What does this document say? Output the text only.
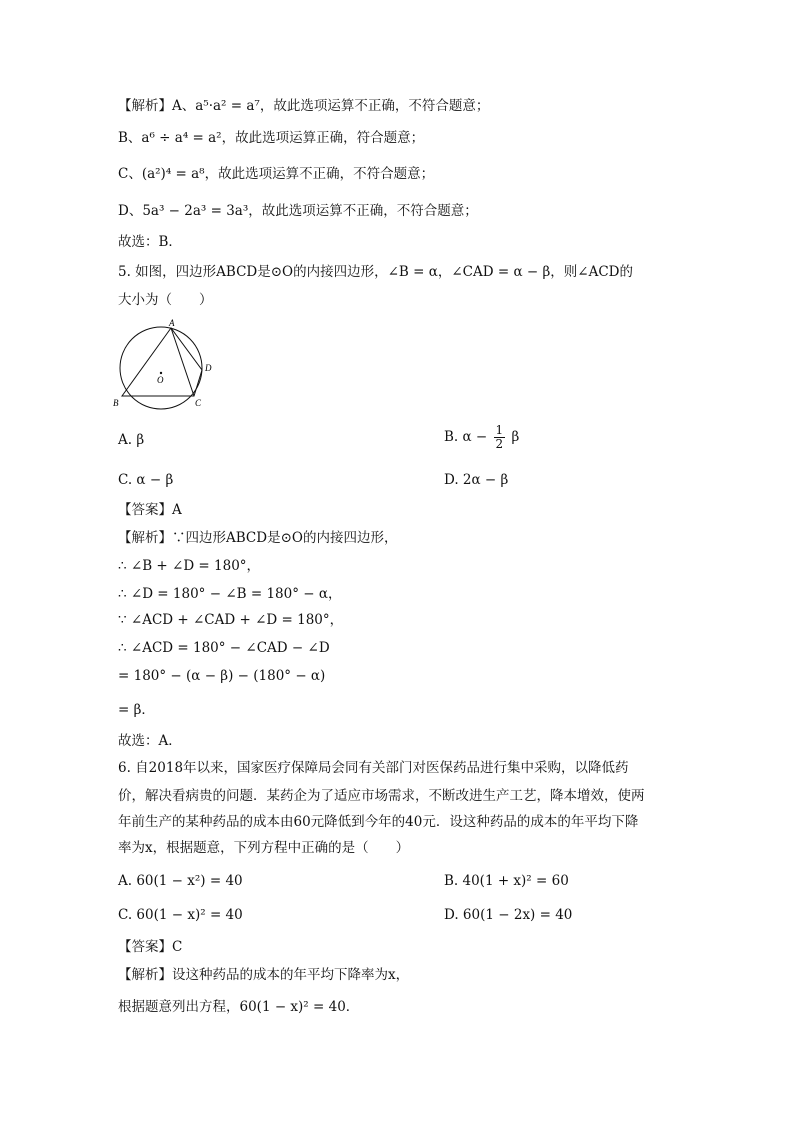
【解析】A、a⁵·a² = a⁷，故此选项运算不正确，不符合题意；
B、a⁶ ÷ a⁴ = a²，故此选项运算正确，符合题意；
C、(a²)⁴ = a⁸，故此选项运算不正确，不符合题意；
D、5a³ − 2a³ = 3a³，故此选项运算不正确，不符合题意；
故选：B．
5. 如图，四边形ABCD是⊙O的内接四边形，∠B = α，∠CAD = α − β，则∠ACD的
大小为（　　）
A
B	C
D
O
A. β	B. $\alpha - \frac{1}{2}$ β
C. α − β	D. 2α − β
【答案】A
【解析】∵四边形ABCD是⊙O的内接四边形，
∴ ∠B + ∠D = 180°，
∴ ∠D = 180° − ∠B = 180° − α，
∵ ∠ACD + ∠CAD + ∠D = 180°，
∴ ∠ACD = 180° − ∠CAD − ∠D
= 180° − (α − β) − (180° − α)
= β．
故选：A．
6. 自2018年以来，国家医疗保障局会同有关部门对医保药品进行集中采购，以降低药
价，解决看病贵的问题．某药企为了适应市场需求，不断改进生产工艺，降本增效，使两
年前生产的某种药品的成本由60元降低到今年的40元．设这种药品的成本的年平均下降
率为x，根据题意，下列方程中正确的是（　　）
A. 60(1 − x²) = 40	B. 40(1 + x)² = 60
C. 60(1 − x)² = 40	D. 60(1 − 2x) = 40
【答案】C
【解析】设这种药品的成本的年平均下降率为x，
根据题意列出方程，60(1 − x)² = 40．
